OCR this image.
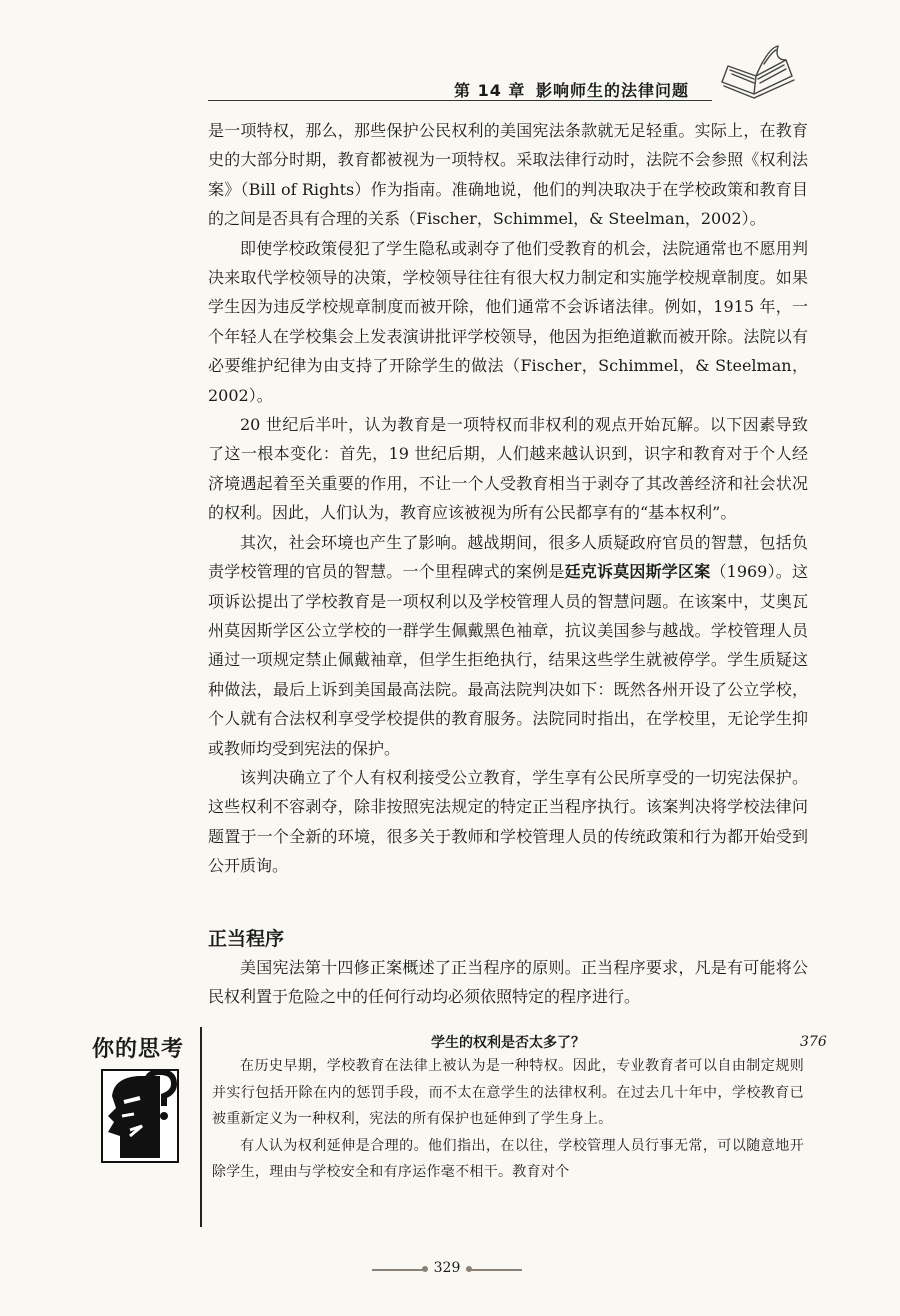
第 14 章 影响师生的法律问题

是一项特权，那么，那些保护公民权利的美国宪法条款就无足轻重。实际上，在教育史的大部分时期，教育都被视为一项特权。采取法律行动时，法院不会参照《权利法案》（Bill of Rights）作为指南。准确地说，他们的判决取决于在学校政策和教育目的之间是否具有合理的关系（Fischer，Schimmel，& Steelman，2002）。

即使学校政策侵犯了学生隐私或剥夺了他们受教育的机会，法院通常也不愿用判决来取代学校领导的决策，学校领导往往有很大权力制定和实施学校规章制度。如果学生因为违反学校规章制度而被开除，他们通常不会诉诸法律。例如，1915 年，一个年轻人在学校集会上发表演讲批评学校领导，他因为拒绝道歉而被开除。法院以有必要维护纪律为由支持了开除学生的做法（Fischer，Schimmel，& Steelman，2002）。

20 世纪后半叶，认为教育是一项特权而非权利的观点开始瓦解。以下因素导致了这一根本变化：首先，19 世纪后期，人们越来越认识到，识字和教育对于个人经济境遇起着至关重要的作用，不让一个人受教育相当于剥夺了其改善经济和社会状况的权利。因此，人们认为，教育应该被视为所有公民都享有的“基本权利”。

其次，社会环境也产生了影响。越战期间，很多人质疑政府官员的智慧，包括负责学校管理的官员的智慧。一个里程碑式的案例是廷克诉莫因斯学区案（1969）。这项诉讼提出了学校教育是一项权利以及学校管理人员的智慧问题。在该案中，艾奥瓦州莫因斯学区公立学校的一群学生佩戴黑色袖章，抗议美国参与越战。学校管理人员通过一项规定禁止佩戴袖章，但学生拒绝执行，结果这些学生就被停学。学生质疑这种做法，最后上诉到美国最高法院。最高法院判决如下：既然各州开设了公立学校，个人就有合法权利享受学校提供的教育服务。法院同时指出，在学校里，无论学生抑或教师均受到宪法的保护。

该判决确立了个人有权利接受公立教育，学生享有公民所享受的一切宪法保护。这些权利不容剥夺，除非按照宪法规定的特定正当程序执行。该案判决将学校法律问题置于一个全新的环境，很多关于教师和学校管理人员的传统政策和行为都开始受到公开质询。

正当程序

美国宪法第十四修正案概述了正当程序的原则。正当程序要求，凡是有可能将公民权利置于危险之中的任何行动均必须依照特定的程序进行。

你的思考	学生的权利是否太多了？

在历史早期，学校教育在法律上被认为是一种特权。因此，专业教育者可以自由制定规则并实行包括开除在内的惩罚手段，而不太在意学生的法律权利。在过去几十年中，学校教育已被重新定义为一种权利，宪法的所有保护也延伸到了学生身上。

有人认为权利延伸是合理的。他们指出，在以往，学校管理人员行事无常，可以随意地开除学生，理由与学校安全和有序运作毫不相干。教育对个

376
329
